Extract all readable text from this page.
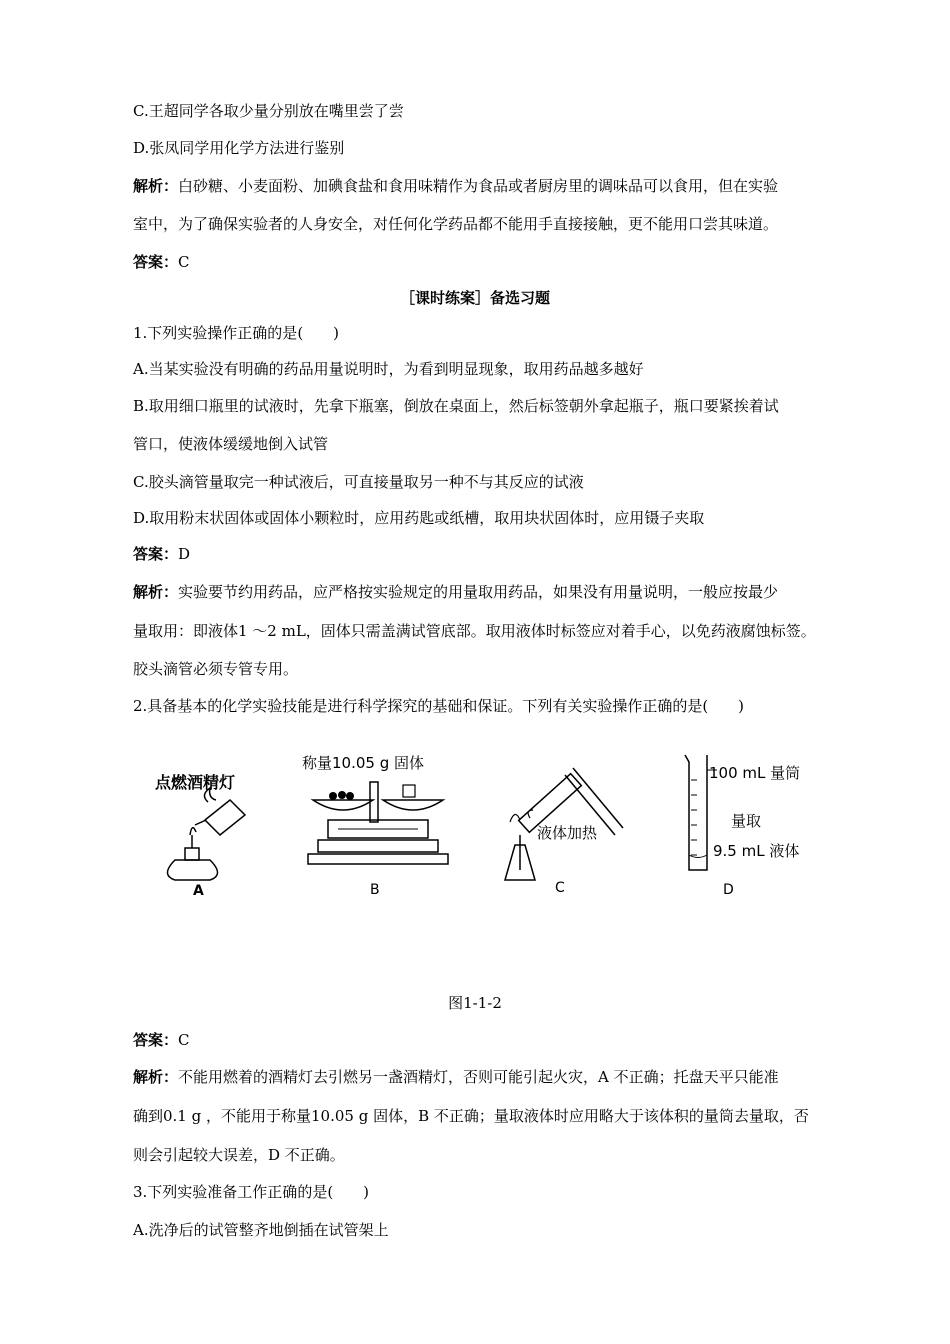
C.王超同学各取少量分别放在嘴里尝了尝
D.张凤同学用化学方法进行鉴别
解析：白砂糖、小麦面粉、加碘食盐和食用味精作为食品或者厨房里的调味品可以食用，但在实验
室中，为了确保实验者的人身安全，对任何化学药品都不能用手直接接触，更不能用口尝其味道。
答案：C
［课时练案］备选习题
1.下列实验操作正确的是(　　)
A.当某实验没有明确的药品用量说明时，为看到明显现象，取用药品越多越好
B.取用细口瓶里的试液时，先拿下瓶塞，倒放在桌面上，然后标签朝外拿起瓶子，瓶口要紧挨着试
管口，使液体缓缓地倒入试管
C.胶头滴管量取完一种试液后，可直接量取另一种不与其反应的试液
D.取用粉末状固体或固体小颗粒时，应用药匙或纸槽，取用块状固体时，应用镊子夹取
答案：D
解析：实验要节约用药品，应严格按实验规定的用量取用药品，如果没有用量说明，一般应按最少
量取用：即液体1 ～2 mL，固体只需盖满试管底部。取用液体时标签应对着手心，以免药液腐蚀标签。
胶头滴管必须专管专用。
2.具备基本的化学实验技能是进行科学探究的基础和保证。下列有关实验操作正确的是(　　)
点燃酒精灯
A
称量10.05 g 固体
B
液体加热
C
100 mL 量筒
量取
9.5 mL 液体
D
图1-1-2
答案：C
解析：不能用燃着的酒精灯去引燃另一盏酒精灯，否则可能引起火灾，A 不正确；托盘天平只能准
确到0.1 g ，不能用于称量10.05 g 固体，B 不正确；量取液体时应用略大于该体积的量筒去量取，否
则会引起较大误差，D 不正确。
3.下列实验准备工作正确的是(　　)
A.洗净后的试管整齐地倒插在试管架上
